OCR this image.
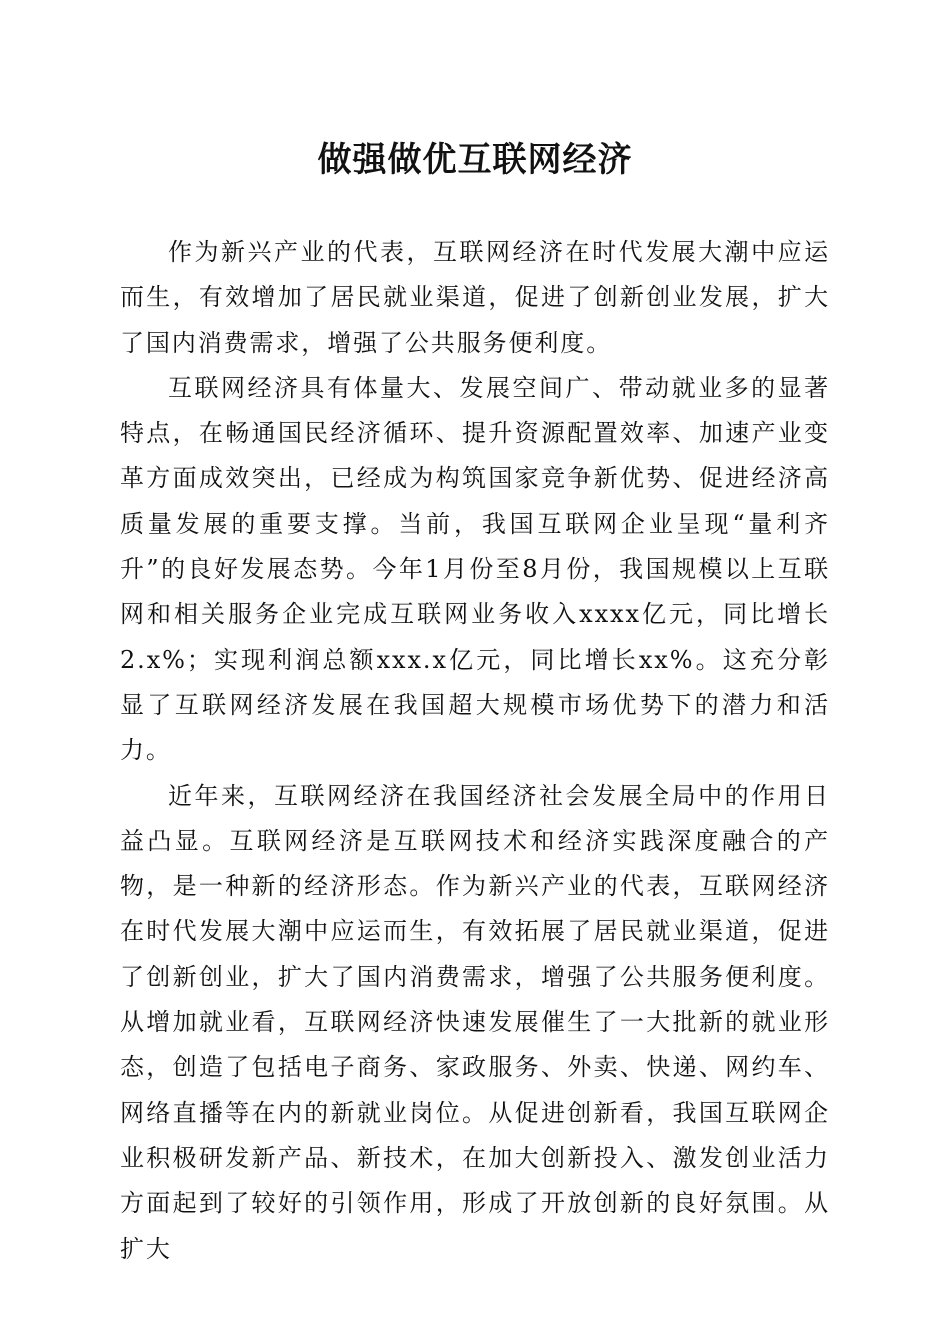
做强做优互联网经济

作为新兴产业的代表，互联网经济在时代发展大潮中应运而生，有效增加了居民就业渠道，促进了创新创业发展，扩大了国内消费需求，增强了公共服务便利度。

互联网经济具有体量大、发展空间广、带动就业多的显著特点，在畅通国民经济循环、提升资源配置效率、加速产业变革方面成效突出，已经成为构筑国家竞争新优势、促进经济高质量发展的重要支撑。当前，我国互联网企业呈现“量利齐升”的良好发展态势。今年1月份至8月份，我国规模以上互联网和相关服务企业完成互联网业务收入xxxx亿元，同比增长2.x%；实现利润总额xxx.x亿元，同比增长xx%。这充分彰显了互联网经济发展在我国超大规模市场优势下的潜力和活力。

近年来，互联网经济在我国经济社会发展全局中的作用日益凸显。互联网经济是互联网技术和经济实践深度融合的产物，是一种新的经济形态。作为新兴产业的代表，互联网经济在时代发展大潮中应运而生，有效拓展了居民就业渠道，促进了创新创业，扩大了国内消费需求，增强了公共服务便利度。从增加就业看，互联网经济快速发展催生了一大批新的就业形态，创造了包括电子商务、家政服务、外卖、快递、网约车、网络直播等在内的新就业岗位。从促进创新看，我国互联网企业积极研发新产品、新技术，在加大创新投入、激发创业活力方面起到了较好的引领作用，形成了开放创新的良好氛围。从扩大
